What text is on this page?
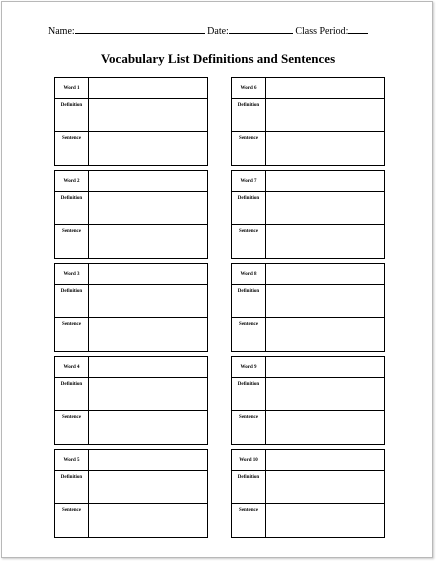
Name:	Date:	Class Period:
Vocabulary List Definitions and Sentences
Word 1	
Definition	
Sentence	
Word 2	
Definition	
Sentence	
Word 3	
Definition	
Sentence	
Word 4	
Definition	
Sentence	
Word 5	
Definition	
Sentence	
Word 6	
Definition	
Sentence	
Word 7	
Definition	
Sentence	
Word 8	
Definition	
Sentence	
Word 9	
Definition	
Sentence	
Word 10	
Definition	
Sentence	
